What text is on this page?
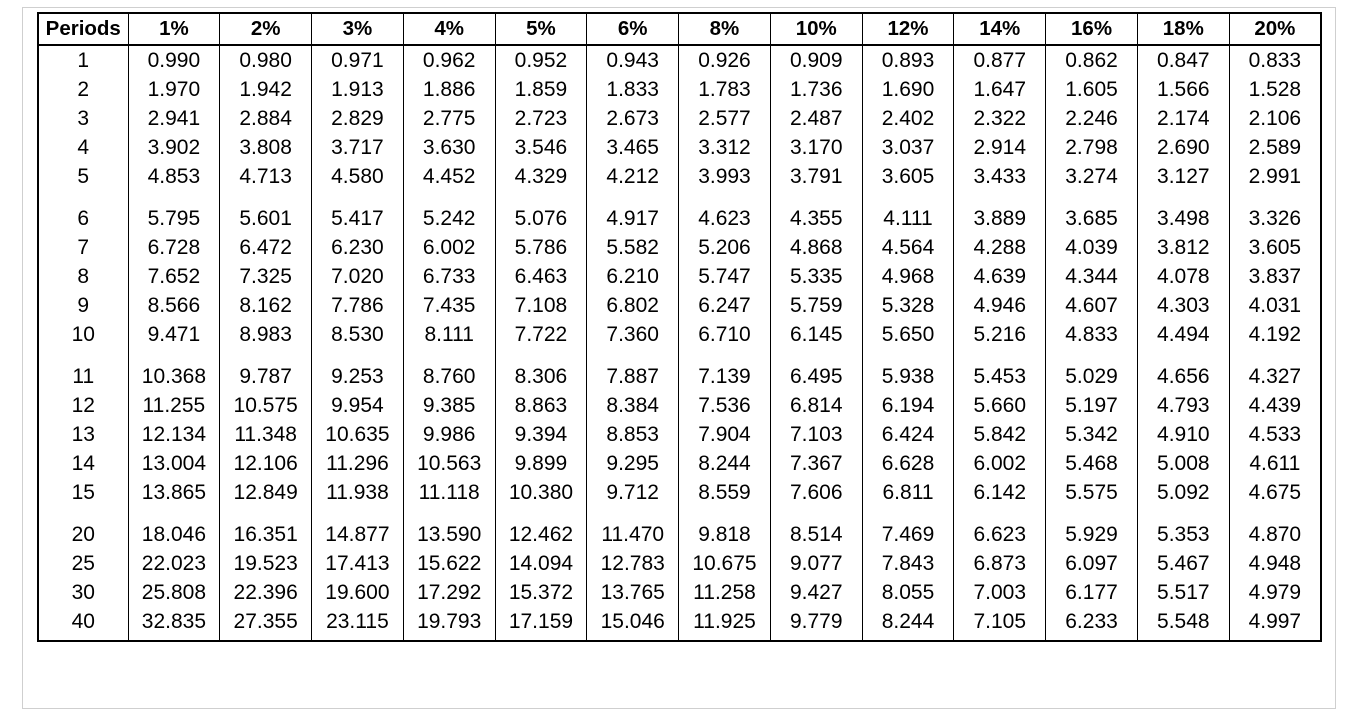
Periods	1%	2%	3%	4%	5%	6%	8%	10%	12%	14%	16%	18%	20%
1	0.990	0.980	0.971	0.962	0.952	0.943	0.926	0.909	0.893	0.877	0.862	0.847	0.833
2	1.970	1.942	1.913	1.886	1.859	1.833	1.783	1.736	1.690	1.647	1.605	1.566	1.528
3	2.941	2.884	2.829	2.775	2.723	2.673	2.577	2.487	2.402	2.322	2.246	2.174	2.106
4	3.902	3.808	3.717	3.630	3.546	3.465	3.312	3.170	3.037	2.914	2.798	2.690	2.589
5	4.853	4.713	4.580	4.452	4.329	4.212	3.993	3.791	3.605	3.433	3.274	3.127	2.991

6	5.795	5.601	5.417	5.242	5.076	4.917	4.623	4.355	4.111	3.889	3.685	3.498	3.326
7	6.728	6.472	6.230	6.002	5.786	5.582	5.206	4.868	4.564	4.288	4.039	3.812	3.605
8	7.652	7.325	7.020	6.733	6.463	6.210	5.747	5.335	4.968	4.639	4.344	4.078	3.837
9	8.566	8.162	7.786	7.435	7.108	6.802	6.247	5.759	5.328	4.946	4.607	4.303	4.031
10	9.471	8.983	8.530	8.111	7.722	7.360	6.710	6.145	5.650	5.216	4.833	4.494	4.192

11	10.368	9.787	9.253	8.760	8.306	7.887	7.139	6.495	5.938	5.453	5.029	4.656	4.327
12	11.255	10.575	9.954	9.385	8.863	8.384	7.536	6.814	6.194	5.660	5.197	4.793	4.439
13	12.134	11.348	10.635	9.986	9.394	8.853	7.904	7.103	6.424	5.842	5.342	4.910	4.533
14	13.004	12.106	11.296	10.563	9.899	9.295	8.244	7.367	6.628	6.002	5.468	5.008	4.611
15	13.865	12.849	11.938	11.118	10.380	9.712	8.559	7.606	6.811	6.142	5.575	5.092	4.675

20	18.046	16.351	14.877	13.590	12.462	11.470	9.818	8.514	7.469	6.623	5.929	5.353	4.870
25	22.023	19.523	17.413	15.622	14.094	12.783	10.675	9.077	7.843	6.873	6.097	5.467	4.948
30	25.808	22.396	19.600	17.292	15.372	13.765	11.258	9.427	8.055	7.003	6.177	5.517	4.979
40	32.835	27.355	23.115	19.793	17.159	15.046	11.925	9.779	8.244	7.105	6.233	5.548	4.997
